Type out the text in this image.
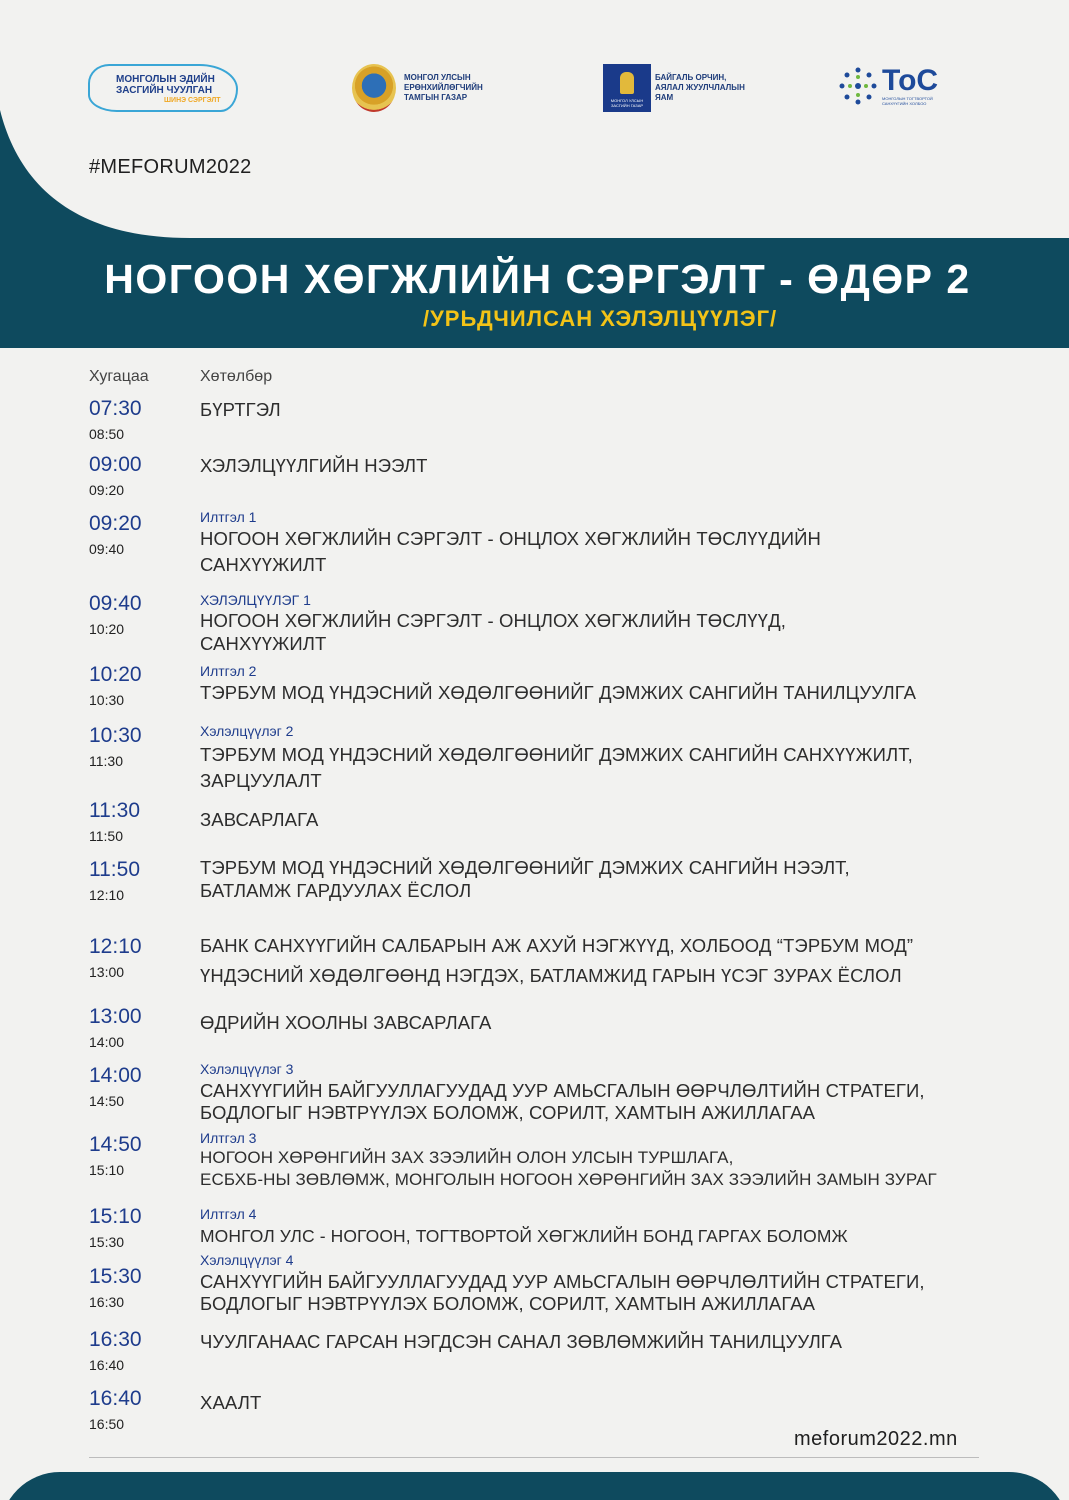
МОНГОЛЫН ЭДИЙН
ЗАСГИЙН ЧУУЛГАН
ШИНЭ СЭРГЭЛТ
МОНГОЛ УЛСЫН
ЕРӨНХИЙЛӨГЧИЙН
ТАМГЫН ГАЗАР	МОНГОЛ УЛСЫН ЗАСГИЙН ГАЗАР
БАЙГАЛЬ ОРЧИН,
АЯЛАЛ ЖУУЛЧЛАЛЫН
ЯАМ
ToC
МОНГОЛЫН ТОГТВОРТОЙ САНХҮҮГИЙН ХОЛБОО
#MEFORUM2022
НОГООН ХӨГЖЛИЙН СЭРГЭЛТ - ӨДӨР 2
/УРЬДЧИЛСАН ХЭЛЭЛЦҮҮЛЭГ/
Хугацаа	Хөтөлбөр
07:30
08:50
БҮРТГЭЛ
09:00
09:20
ХЭЛЭЛЦҮҮЛГИЙН НЭЭЛТ
09:20
09:40
Илтгэл 1
НОГООН ХӨГЖЛИЙН СЭРГЭЛТ - ОНЦЛОХ ХӨГЖЛИЙН ТӨСЛҮҮДИЙН
САНХҮҮЖИЛТ
09:40
10:20
ХЭЛЭЛЦҮҮЛЭГ 1
НОГООН ХӨГЖЛИЙН СЭРГЭЛТ - ОНЦЛОХ ХӨГЖЛИЙН ТӨСЛҮҮД,
САНХҮҮЖИЛТ
10:20
10:30
Илтгэл 2
ТЭРБУМ МОД ҮНДЭСНИЙ ХӨДӨЛГӨӨНИЙГ ДЭМЖИХ САНГИЙН ТАНИЛЦУУЛГА
10:30
11:30
Хэлэлцүүлэг 2
ТЭРБУМ МОД ҮНДЭСНИЙ ХӨДӨЛГӨӨНИЙГ ДЭМЖИХ САНГИЙН САНХҮҮЖИЛТ,
ЗАРЦУУЛАЛТ
11:30
11:50
ЗАВСАРЛАГА
11:50
12:10
ТЭРБУМ МОД ҮНДЭСНИЙ ХӨДӨЛГӨӨНИЙГ ДЭМЖИХ САНГИЙН НЭЭЛТ,
БАТЛАМЖ ГАРДУУЛАХ ЁСЛОЛ
12:10
13:00
БАНК САНХҮҮГИЙН САЛБАРЫН АЖ АХУЙ НЭГЖҮҮД, ХОЛБООД “ТЭРБУМ МОД”
ҮНДЭСНИЙ ХӨДӨЛГӨӨНД НЭГДЭХ, БАТЛАМЖИД ГАРЫН ҮСЭГ ЗУРАХ ЁСЛОЛ
13:00
14:00
ӨДРИЙН ХООЛНЫ ЗАВСАРЛАГА
14:00
14:50
Хэлэлцүүлэг 3
САНХҮҮГИЙН БАЙГУУЛЛАГУУДАД УУР АМЬСГАЛЫН ӨӨРЧЛӨЛТИЙН СТРАТЕГИ,
БОДЛОГЫГ НЭВТРҮҮЛЭХ БОЛОМЖ, СОРИЛТ, ХАМТЫН АЖИЛЛАГАА
14:50
15:10
Илтгэл 3
НОГООН ХӨРӨНГИЙН ЗАХ ЗЭЭЛИЙН ОЛОН УЛСЫН ТУРШЛАГА,
ЕСБХБ-НЫ ЗӨВЛӨМЖ, МОНГОЛЫН НОГООН ХӨРӨНГИЙН ЗАХ ЗЭЭЛИЙН ЗАМЫН ЗУРАГ
15:10
15:30
Илтгэл 4
МОНГОЛ УЛС - НОГООН, ТОГТВОРТОЙ ХӨГЖЛИЙН БОНД ГАРГАХ БОЛОМЖ
15:30
16:30
Хэлэлцүүлэг 4
САНХҮҮГИЙН БАЙГУУЛЛАГУУДАД УУР АМЬСГАЛЫН ӨӨРЧЛӨЛТИЙН СТРАТЕГИ,
БОДЛОГЫГ НЭВТРҮҮЛЭХ БОЛОМЖ, СОРИЛТ, ХАМТЫН АЖИЛЛАГАА
16:30
16:40
ЧУУЛГАНААС ГАРСАН НЭГДСЭН САНАЛ ЗӨВЛӨМЖИЙН ТАНИЛЦУУЛГА
16:40
16:50
ХААЛТ
meforum2022.mn
